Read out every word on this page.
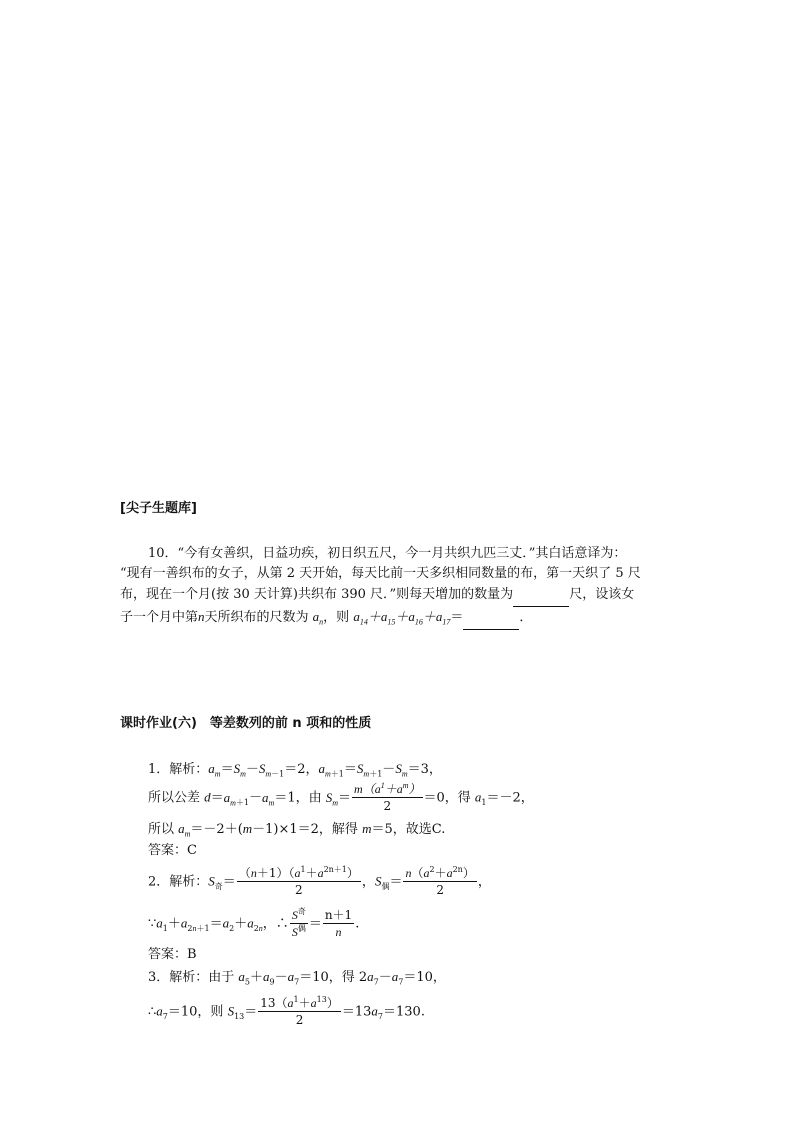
[尖子生题库]
10．“今有女善织，日益功疾，初日织五尺，今一月共织九匹三丈．”其白话意译为：
“现有一善织布的女子，从第 2 天开始，每天比前一天多织相同数量的布，第一天织了 5 尺
布，现在一个月(按 30 天计算)共织布 390 尺．”则每天增加的数量为	尺，设该女
子一个月中第n天所织布的尺数为 $a_n$，则 $a_{14}+a_{15}+a_{16}+a_{17}=$	．
课时作业(六)　等差数列的前 n 项和的性质
1．解析：$a_m=S_m-S_{m-1}=2$，$a_{m+1}=S_{m+1}-S_m=3$，
所以公差 $d=a_{m+1}-a_m=1$，由 $S_m= \frac{m(a^1+a^m)}{2} =0$，得 $a_1=-2$，
所以 $a_m=-2+(m-1)\times 1=2$，解得 m＝5，故选C.
答案：C
2．解析：$S_奇= \frac{(n+1)(a^1+a^{2n+1})}{2}$ ，$S_偶= \frac{n(a^2+a^{2n})}{2}$ ，
$\because a_1+a_{2n+1}=a_2+a_{2n}$，∴ $\frac{S^奇}{S^偶} = \frac{n+1}{n}$ .
答案：B
3．解析：由于 $a_5+a_9-a_7=10$，得 $2a_7-a_7=10$，
$\therefore a_7=10$，则 $S_{13}= \frac{13(a^1+a^{13})}{2} =13a_7=130$.
